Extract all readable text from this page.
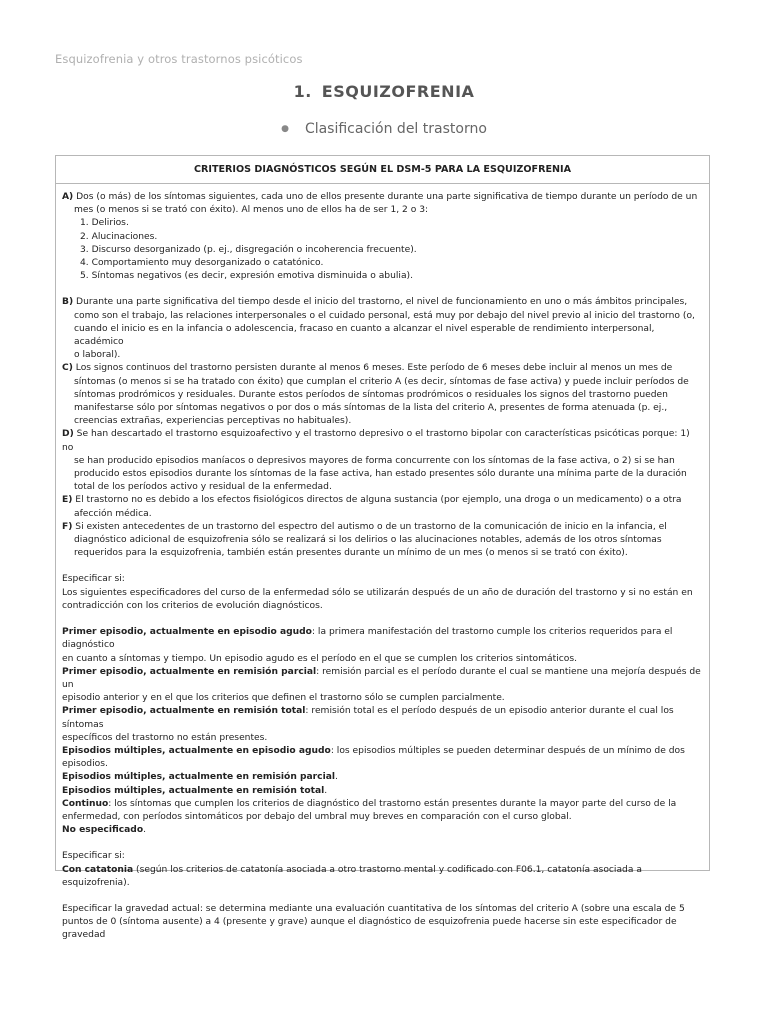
Esquizofrenia y otros trastornos psicóticos
1. ESQUIZOFRENIA
● Clasificación del trastorno
CRITERIOS DIAGNÓSTICOS SEGÚN EL DSM-5 PARA LA ESQUIZOFRENIA

A) Dos (o más) de los síntomas siguientes, cada uno de ellos presente durante una parte significativa de tiempo durante un período de un

mes (o menos si se trató con éxito). Al menos uno de ellos ha de ser 1, 2 o 3:

1. Delirios.

2. Alucinaciones.

3. Discurso desorganizado (p. ej., disgregación o incoherencia frecuente).

4. Comportamiento muy desorganizado o catatónico.

5. Síntomas negativos (es decir, expresión emotiva disminuida o abulia).

B) Durante una parte significativa del tiempo desde el inicio del trastorno, el nivel de funcionamiento en uno o más ámbitos principales,

como son el trabajo, las relaciones interpersonales o el cuidado personal, está muy por debajo del nivel previo al inicio del trastorno (o,

cuando el inicio es en la infancia o adolescencia, fracaso en cuanto a alcanzar el nivel esperable de rendimiento interpersonal, académico

o laboral).

C) Los signos continuos del trastorno persisten durante al menos 6 meses. Este período de 6 meses debe incluir al menos un mes de

síntomas (o menos si se ha tratado con éxito) que cumplan el criterio A (es decir, síntomas de fase activa) y puede incluir períodos de

síntomas prodrómicos y residuales. Durante estos períodos de síntomas prodrómicos o residuales los signos del trastorno pueden

manifestarse sólo por síntomas negativos o por dos o más síntomas de la lista del criterio A, presentes de forma atenuada (p. ej.,

creencias extrañas, experiencias perceptivas no habituales).

D) Se han descartado el trastorno esquizoafectivo y el trastorno depresivo o el trastorno bipolar con características psicóticas porque: 1) no

se han producido episodios maníacos o depresivos mayores de forma concurrente con los síntomas de la fase activa, o 2) si se han

producido estos episodios durante los síntomas de la fase activa, han estado presentes sólo durante una mínima parte de la duración

total de los períodos activo y residual de la enfermedad.

E) El trastorno no es debido a los efectos fisiológicos directos de alguna sustancia (por ejemplo, una droga o un medicamento) o a otra

afección médica.

F) Si existen antecedentes de un trastorno del espectro del autismo o de un trastorno de la comunicación de inicio en la infancia, el

diagnóstico adicional de esquizofrenia sólo se realizará si los delirios o las alucinaciones notables, además de los otros síntomas

requeridos para la esquizofrenia, también están presentes durante un mínimo de un mes (o menos si se trató con éxito).

Especificar si:

Los siguientes especificadores del curso de la enfermedad sólo se utilizarán después de un año de duración del trastorno y si no están en

contradicción con los criterios de evolución diagnósticos.

Primer episodio, actualmente en episodio agudo: la primera manifestación del trastorno cumple los criterios requeridos para el diagnóstico

en cuanto a síntomas y tiempo. Un episodio agudo es el período en el que se cumplen los criterios sintomáticos.

Primer episodio, actualmente en remisión parcial: remisión parcial es el período durante el cual se mantiene una mejoría después de un

episodio anterior y en el que los criterios que definen el trastorno sólo se cumplen parcialmente.

Primer episodio, actualmente en remisión total: remisión total es el período después de un episodio anterior durante el cual los síntomas

específicos del trastorno no están presentes.

Episodios múltiples, actualmente en episodio agudo: los episodios múltiples se pueden determinar después de un mínimo de dos

episodios.

Episodios múltiples, actualmente en remisión parcial.

Episodios múltiples, actualmente en remisión total.

Continuo: los síntomas que cumplen los criterios de diagnóstico del trastorno están presentes durante la mayor parte del curso de la

enfermedad, con períodos sintomáticos por debajo del umbral muy breves en comparación con el curso global.

No especificado.

Especificar si:

Con catatonia (según los criterios de catatonía asociada a otro trastorno mental y codificado con F06.1, catatonía asociada a esquizofrenia).

Especificar la gravedad actual: se determina mediante una evaluación cuantitativa de los síntomas del criterio A (sobre una escala de 5

puntos de 0 (síntoma ausente) a 4 (presente y grave) aunque el diagnóstico de esquizofrenia puede hacerse sin este especificador de

gravedad
